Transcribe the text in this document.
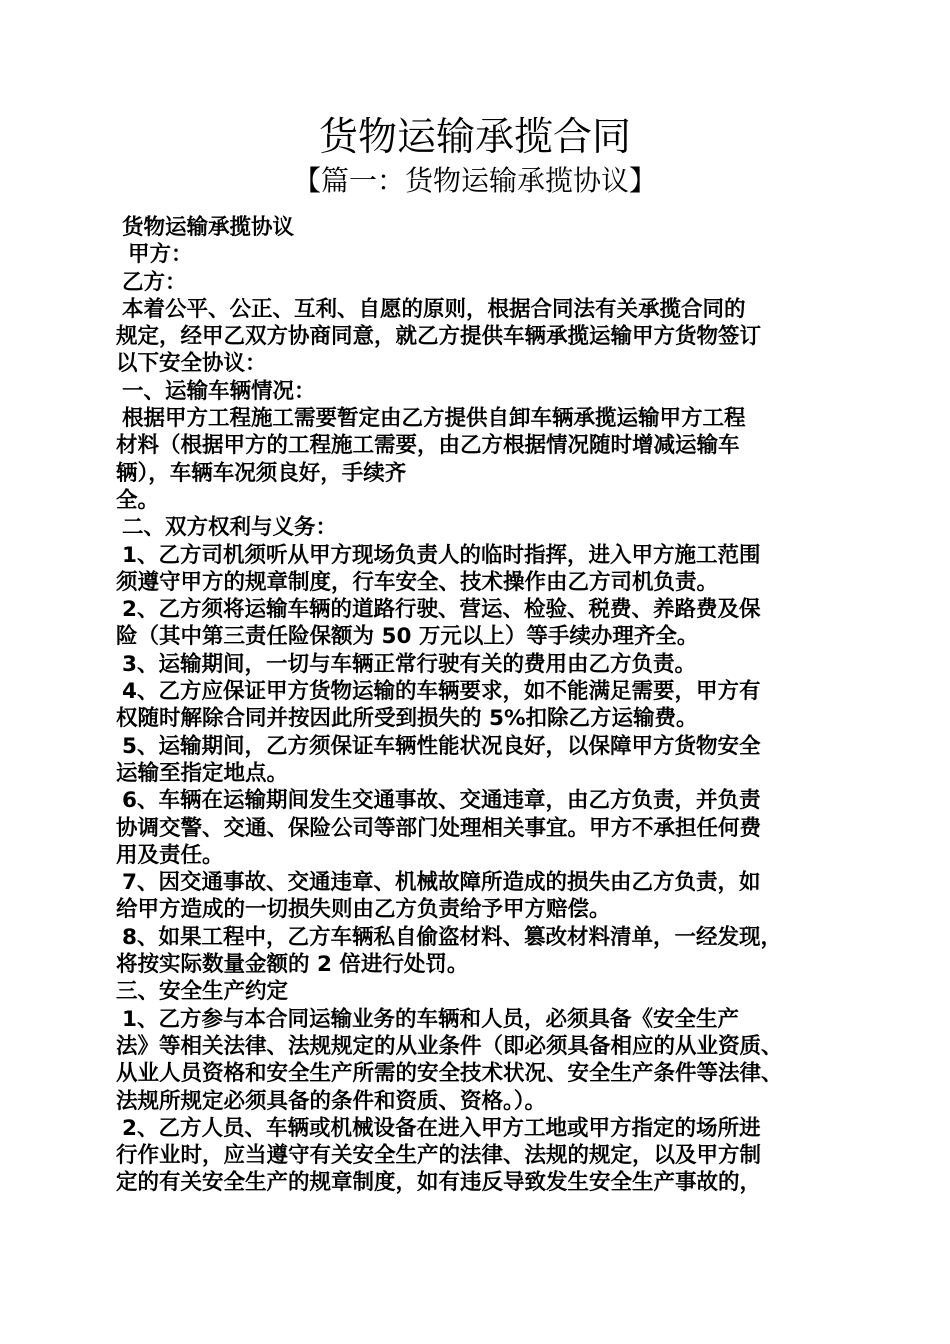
货物运输承揽合同
【篇一：货物运输承揽协议】
货物运输承揽协议
甲方：
乙方：
本着公平、公正、互利、自愿的原则，根据合同法有关承揽合同的
规定，经甲乙双方协商同意，就乙方提供车辆承揽运输甲方货物签订
以下安全协议：
一、运输车辆情况：
根据甲方工程施工需要暂定由乙方提供自卸车辆承揽运输甲方工程
材料（根据甲方的工程施工需要，由乙方根据情况随时增减运输车
辆），车辆车况须良好，手续齐
全。
二、双方权利与义务：
1、乙方司机须听从甲方现场负责人的临时指挥，进入甲方施工范围
须遵守甲方的规章制度，行车安全、技术操作由乙方司机负责。
2、乙方须将运输车辆的道路行驶、营运、检验、税费、养路费及保
险（其中第三责任险保额为 50 万元以上）等手续办理齐全。
3、运输期间，一切与车辆正常行驶有关的费用由乙方负责。
4、乙方应保证甲方货物运输的车辆要求，如不能满足需要，甲方有
权随时解除合同并按因此所受到损失的 5%扣除乙方运输费。
5、运输期间，乙方须保证车辆性能状况良好，以保障甲方货物安全
运输至指定地点。
6、车辆在运输期间发生交通事故、交通违章，由乙方负责，并负责
协调交警、交通、保险公司等部门处理相关事宜。甲方不承担任何费
用及责任。
7、因交通事故、交通违章、机械故障所造成的损失由乙方负责，如
给甲方造成的一切损失则由乙方负责给予甲方赔偿。
8、如果工程中，乙方车辆私自偷盗材料、篡改材料清单，一经发现，
将按实际数量金额的 2 倍进行处罚。
三、安全生产约定
1、乙方参与本合同运输业务的车辆和人员，必须具备《安全生产
法》等相关法律、法规规定的从业条件（即必须具备相应的从业资质、
从业人员资格和安全生产所需的安全技术状况、安全生产条件等法律、
法规所规定必须具备的条件和资质、资格。）。
2、乙方人员、车辆或机械设备在进入甲方工地或甲方指定的场所进
行作业时，应当遵守有关安全生产的法律、法规的规定，以及甲方制
定的有关安全生产的规章制度，如有违反导致发生安全生产事故的，
